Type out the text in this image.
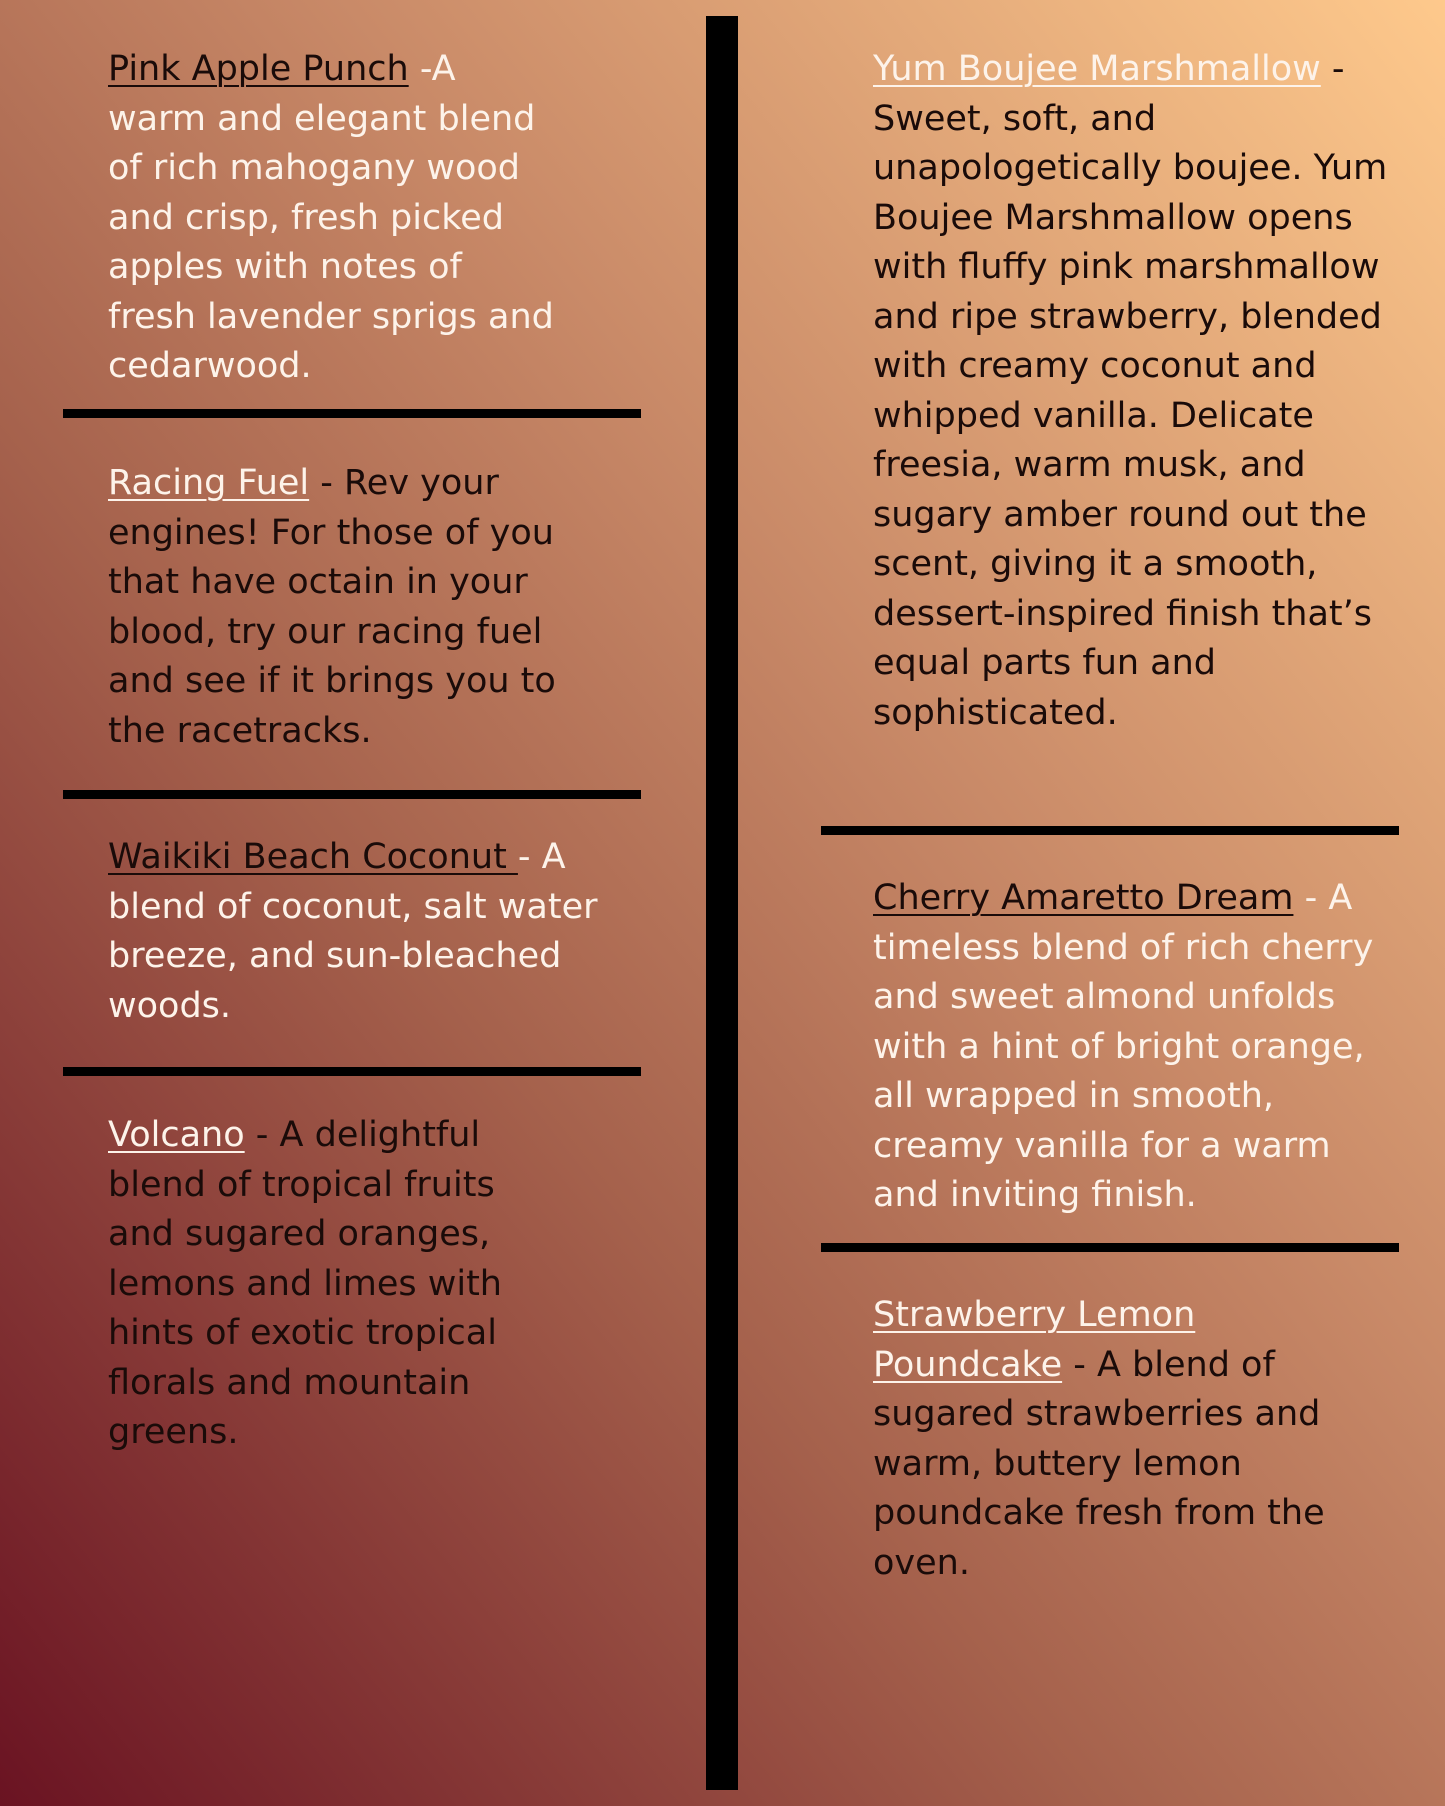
Pink Apple Punch -A warm and elegant blend of rich mahogany wood and crisp, fresh picked apples with notes of fresh lavender sprigs and cedarwood.

Racing Fuel - Rev your engines! For those of you that have octain in your blood, try our racing fuel and see if it brings you to the racetracks.

Waikiki Beach Coconut - A blend of coconut, salt water breeze, and sun-bleached woods.

Volcano - A delightful blend of tropical fruits and sugared oranges, lemons and limes with hints of exotic tropical florals and mountain greens.

Yum Boujee Marshmallow - Sweet, soft, and unapologetically boujee. Yum Boujee Marshmallow opens with fluffy pink marshmallow and ripe strawberry, blended with creamy coconut and whipped vanilla. Delicate freesia, warm musk, and sugary amber round out the scent, giving it a smooth, dessert-inspired finish that’s equal parts fun and sophisticated.

Cherry Amaretto Dream - A timeless blend of rich cherry and sweet almond unfolds with a hint of bright orange, all wrapped in smooth, creamy vanilla for a warm and inviting finish.

Strawberry Lemon Poundcake - A blend of sugared strawberries and warm, buttery lemon poundcake fresh from the oven.
